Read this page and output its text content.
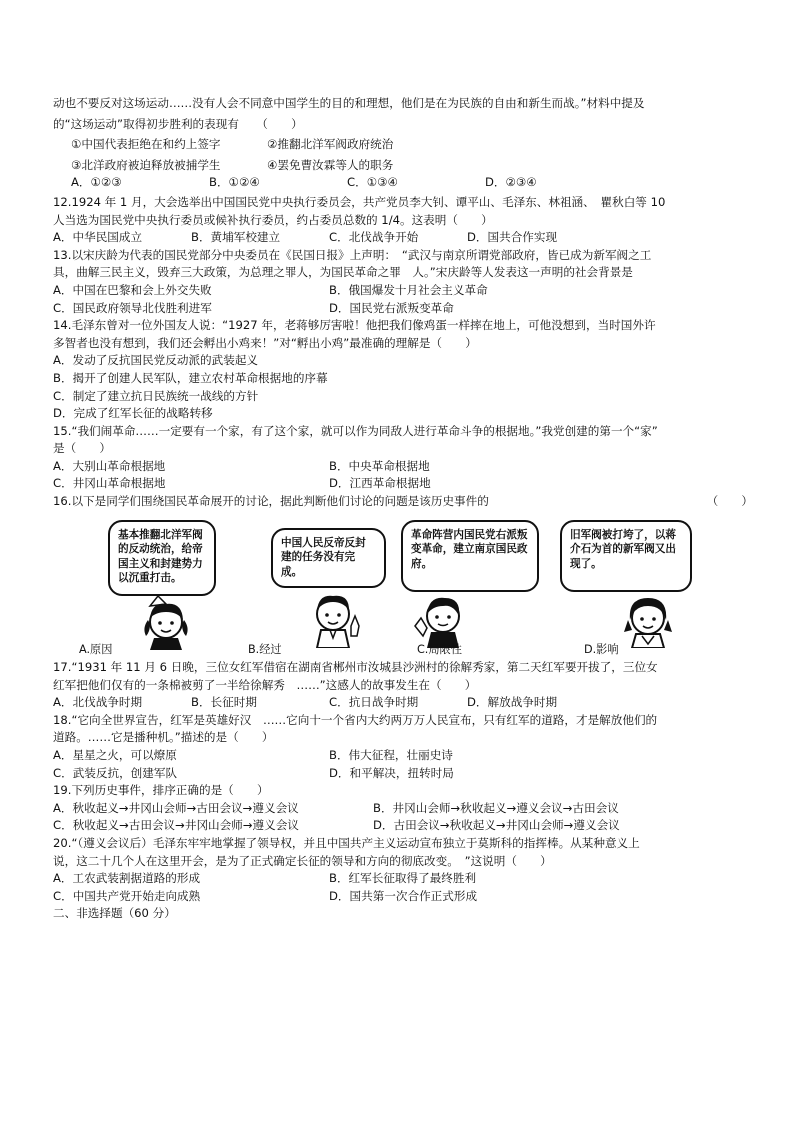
动也不要反对这场运动……没有人会不同意中国学生的目的和理想，他们是在为民族的自由和新生而战。”材料中提及
的“这场运动”取得初步胜利的表现有　　（　　）
①中国代表拒绝在和约上签字	②推翻北洋军阀政府统治
③北洋政府被迫释放被捕学生	④罢免曹汝霖等人的职务
A．①②③	B．①②④	C．①③④	D．②③④
12.1924 年 1 月，大会选举出中国国民党中央执行委员会，共产党员李大钊、谭平山、毛泽东、林祖涵、　瞿秋白等 10
人当选为国民党中央执行委员或候补执行委员，约占委员总数的 1/4。这表明（　　）
A．中华民国成立	B．黄埔军校建立	C．北伐战争开始	D．国共合作实现
13.以宋庆龄为代表的国民党部分中央委员在《民国日报》上声明：　“武汉与南京所谓党部政府，皆已成为新军阀之工
具，曲解三民主义，毁弃三大政策，为总理之罪人，为国民革命之罪　人。”宋庆龄等人发表这一声明的社会背景是
A．中国在巴黎和会上外交失败	B．俄国爆发十月社会主义革命
C．国民政府领导北伐胜利进军	D．国民党右派叛变革命
14.毛泽东曾对一位外国友人说：“1927 年，老蒋够厉害啦！他把我们像鸡蛋一样摔在地上，可他没想到，当时国外许
多智者也没有想到，我们还会孵出小鸡来！”对“孵出小鸡”最准确的理解是（　　）
A．发动了反抗国民党反动派的武装起义
B．揭开了创建人民军队，建立农村革命根据地的序幕
C．制定了建立抗日民族统一战线的方针
D．完成了红军长征的战略转移
15.“我们闹革命……一定要有一个家，有了这个家，就可以作为同敌人进行革命斗争的根据地。”我党创建的第一个“家”
是（　　）
A．大别山革命根据地	B．中央革命根据地
C．井冈山革命根据地	D．江西革命根据地
16.以下是同学们围绕国民革命展开的讨论，据此判断他们讨论的问题是该历史事件的	（　　）
基本推翻北洋军阀的反动统治，给帝国主义和封建势力以沉重打击。
中国人民反帝反封建的任务没有完成。
革命阵营内国民党右派叛变革命，建立南京国民政府。
旧军阀被打垮了，以蒋介石为首的新军阀又出现了。
A.原因	B.经过	C.局限性	D.影响
17.“1931 年 11 月 6 日晚，三位女红军借宿在湖南省郴州市汝城县沙洲村的徐解秀家，第二天红军要开拔了，三位女
红军把他们仅有的一条棉被剪了一半给徐解秀　……”这感人的故事发生在（　　）
A．北伐战争时期	B．长征时期	C．抗日战争时期	D．解放战争时期
18.“它向全世界宣告，红军是英雄好汉　……它向十一个省内大约两万万人民宣布，只有红军的道路，才是解放他们的
道路。……它是播种机。”描述的是（　　）
A．星星之火，可以燎原	B．伟大征程，壮丽史诗
C．武装反抗，创建军队	D．和平解决，扭转时局
19.下列历史事件，排序正确的是（　　）
A．秋收起义→井冈山会师→古田会议→遵义会议	B．井冈山会师→秋收起义→遵义会议→古田会议
C．秋收起义→古田会议→井冈山会师→遵义会议	D．古田会议→秋收起义→井冈山会师→遵义会议
20.“（遵义会议后）毛泽东牢牢地掌握了领导权，并且中国共产主义运动宣布独立于莫斯科的指挥棒。从某种意义上
说，这二十几个人在这里开会，是为了正式确定长征的领导和方向的彻底改变。　”这说明（　　）
A．工农武装割据道路的形成	B．红军长征取得了最终胜利
C．中国共产党开始走向成熟	D．国共第一次合作正式形成
二、非选择题（60 分）
